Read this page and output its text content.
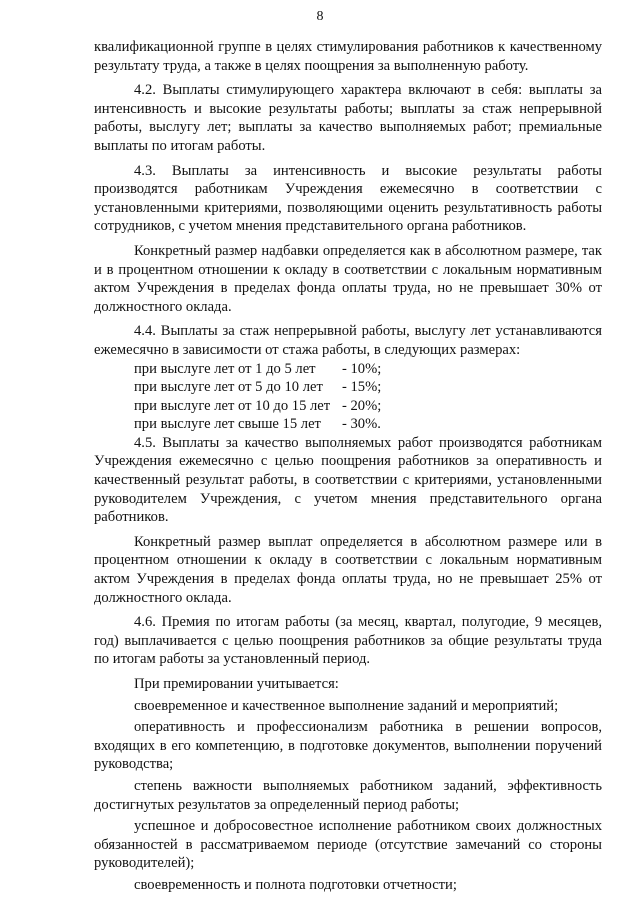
8

квалификационной группе в целях стимулирования работников к качественному результату труда, а также в целях поощрения за выполненную работу.

4.2. Выплаты стимулирующего характера включают в себя: выплаты за интенсивность и высокие результаты работы; выплаты за стаж непрерывной работы, выслугу лет; выплаты за качество выполняемых работ; премиальные выплаты по итогам работы.

4.3. Выплаты за интенсивность и высокие результаты работы производятся работникам Учреждения ежемесячно в соответствии с установленными критериями, позволяющими оценить результативность работы сотрудников, с учетом мнения представительного органа работников.

Конкретный размер надбавки определяется как в абсолютном размере, так и в процентном отношении к окладу в соответствии с локальным нормативным актом Учреждения в пределах фонда оплаты труда, но не превышает 30% от должностного оклада.

4.4. Выплаты за стаж непрерывной работы, выслугу лет устанавливаются ежемесячно в зависимости от стажа работы, в следующих размерах:

при выслуге лет от 1 до 5 лет	- 10%;
при выслуге лет от 5 до 10 лет	- 15%;
при выслуге лет от 10 до 15 лет - 20%;
при выслуге лет свыше 15 лет	- 30%.

4.5. Выплаты за качество выполняемых работ производятся работникам Учреждения ежемесячно с целью поощрения работников за оперативность и качественный результат работы, в соответствии с критериями, установленными руководителем Учреждения, с учетом мнения представительного органа работников.

Конкретный размер выплат определяется в абсолютном размере или в процентном отношении к окладу в соответствии с локальным нормативным актом Учреждения в пределах фонда оплаты труда, но не превышает 25% от должностного оклада.

4.6. Премия по итогам работы (за месяц, квартал, полугодие, 9 месяцев, год) выплачивается с целью поощрения работников за общие результаты труда по итогам работы за установленный период.

При премировании учитывается:

своевременное и качественное выполнение заданий и мероприятий;
оперативность и профессионализм работника в решении вопросов, входящих в его компетенцию, в подготовке документов, выполнении поручений руководства;
степень важности выполняемых работником заданий, эффективность достигнутых результатов за определенный период работы;
успешное и добросовестное исполнение работником своих должностных обязанностей в рассматриваемом периоде (отсутствие замечаний со стороны руководителей);
своевременность и полнота подготовки отчетности;
